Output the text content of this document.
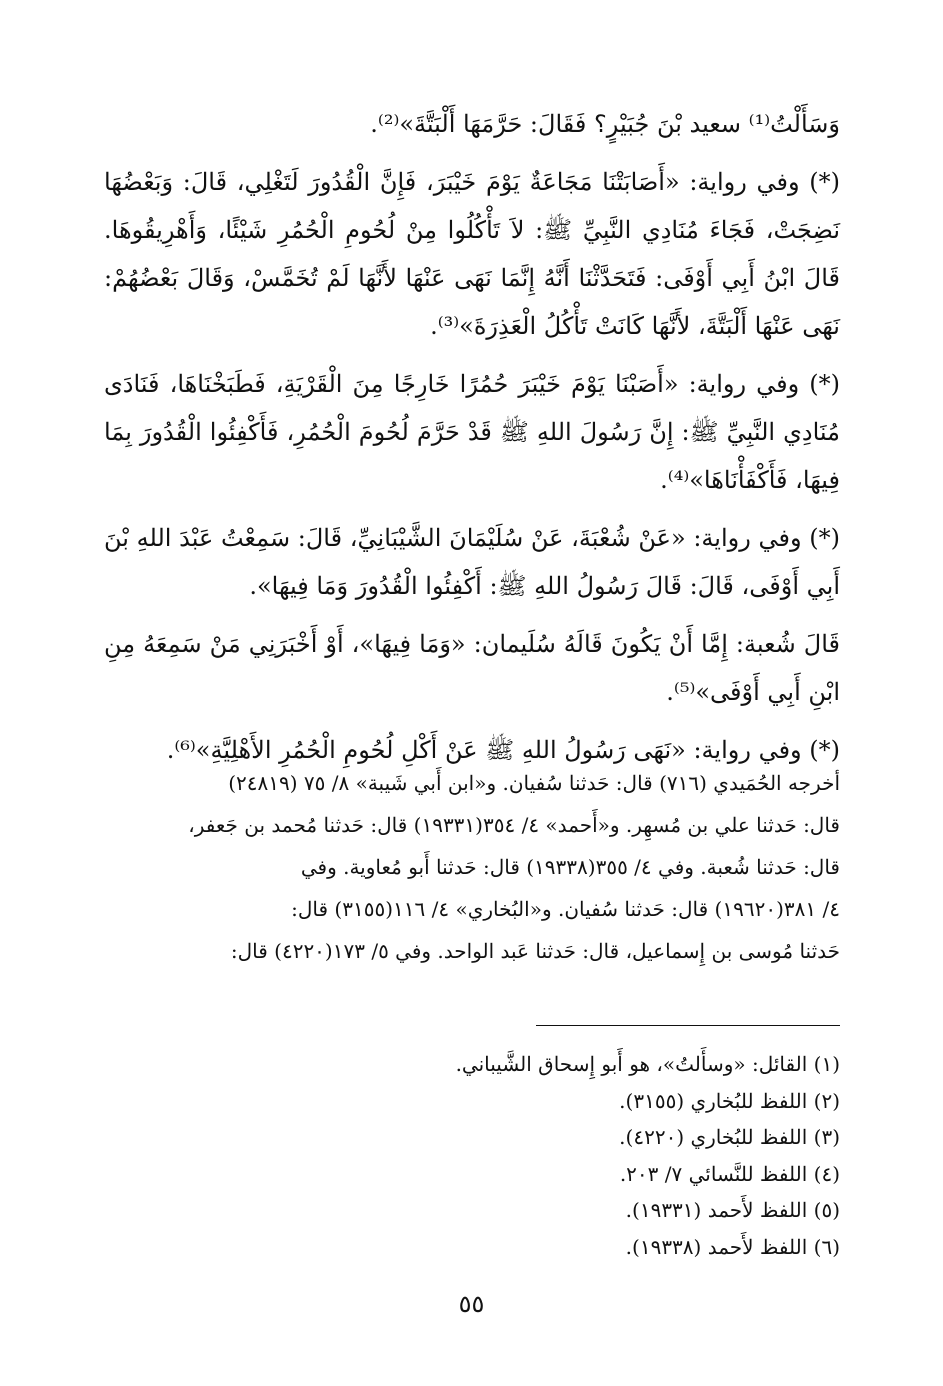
وَسَأَلْتُ⁽¹⁾ سعيد بْنَ جُبَيْرٍ؟ فَقَالَ: حَرَّمَهَا أَلْبَتَّةَ»⁽²⁾.

(*) وفي رواية: «أَصَابَتْنَا مَجَاعَةٌ يَوْمَ خَيْبَرَ، فَإِنَّ الْقُدُورَ لَتَغْلِي، قَالَ: وَبَعْضُهَا نَضِجَتْ، فَجَاءَ مُنَادِي النَّبِيِّ ﷺ: لاَ تَأْكُلُوا مِنْ لُحُومِ الْحُمُرِ شَيْئًا، وَأَهْرِيقُوهَا. قَالَ ابْنُ أَبِي أَوْفَى: فَتَحَدَّثْنَا أَنَّهُ إِنَّمَا نَهَى عَنْهَا لأَنَّهَا لَمْ تُخَمَّسْ، وَقَالَ بَعْضُهُمْ: نَهَى عَنْهَا أَلْبَتَّةَ، لأَنَّهَا كَانَتْ تَأْكُلُ الْعَذِرَةَ»⁽³⁾.

(*) وفي رواية: «أَصَبْنَا يَوْمَ خَيْبَرَ حُمُرًا خَارِجًا مِنَ الْقَرْيَةِ، فَطَبَخْنَاهَا، فَنَادَى مُنَادِي النَّبِيِّ ﷺ: إِنَّ رَسُولَ اللهِ ﷺ قَدْ حَرَّمَ لُحُومَ الْحُمُرِ، فَأَكْفِئُوا الْقُدُورَ بِمَا فِيهَا، فَأَكْفَأْنَاهَا»⁽⁴⁾.

(*) وفي رواية: «عَنْ شُعْبَةَ، عَنْ سُلَيْمَانَ الشَّيْبَانِيِّ، قَالَ: سَمِعْتُ عَبْدَ اللهِ بْنَ أَبِي أَوْفَى، قَالَ: قَالَ رَسُولُ اللهِ ﷺ: أَكْفِئُوا الْقُدُورَ وَمَا فِيهَا».

قَالَ شُعبة: إِمَّا أَنْ يَكُونَ قَالَهُ سُلَيمان: «وَمَا فِيهَا»، أَوْ أَخْبَرَنِي مَنْ سَمِعَهُ مِنِ ابْنِ أَبِي أَوْفَى»⁽⁵⁾.

(*) وفي رواية: «نَهَى رَسُولُ اللهِ ﷺ عَنْ أَكْلِ لُحُومِ الْحُمُرِ الأَهْلِيَّةِ»⁽⁶⁾.

أخرجه الحُمَيدي (٧١٦) قال: حَدثنا سُفيان. و«ابن أَبي شَيبة» ٨/ ٧٥ (٢٤٨١٩)

قال: حَدثنا علي بن مُسهِر. و«أَحمد» ٤/ ٣٥٤(١٩٣٣١) قال: حَدثنا مُحمد بن جَعفر،

قال: حَدثنا شُعبة. وفي ٤/ ٣٥٥(١٩٣٣٨) قال: حَدثنا أَبو مُعاوية. وفي

٤/ ٣٨١(١٩٦٢٠) قال: حَدثنا سُفيان. و«البُخاري» ٤/ ١١٦(٣١٥٥) قال:

حَدثنا مُوسى بن إِسماعيل، قال: حَدثنا عَبد الواحد. وفي ٥/ ١٧٣(٤٢٢٠) قال:

(١) القائل: «وسأَلتُ»، هو أَبو إِسحاق الشَّيباني.

(٢) اللفظ للبُخاري (٣١٥٥).

(٣) اللفظ للبُخاري (٤٢٢٠).

(٤) اللفظ للنَّسائي ٧/ ٢٠٣.

(٥) اللفظ لأَحمد (١٩٣٣١).

(٦) اللفظ لأَحمد (١٩٣٣٨).

٥٥
